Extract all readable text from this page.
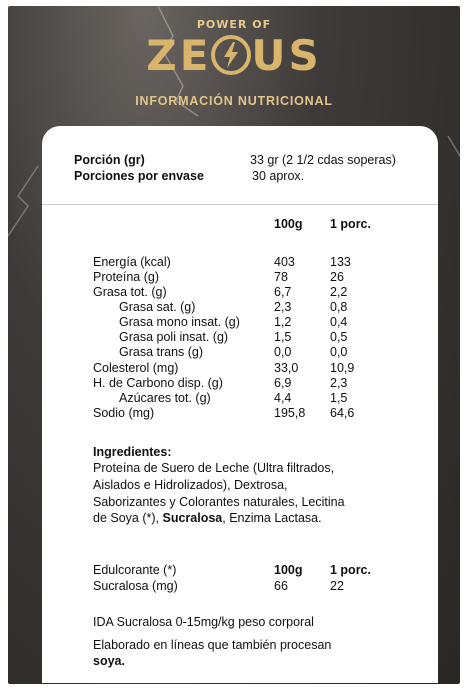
POWER OF
ZE US
INFORMACIÓN NUTRICIONAL
Porción (gr)	33 gr (2 1/2 cdas soperas)
Porciones por envase	30 aprox.
100g 1 porc.
Energía (kcal)	403	133
Proteína (g)	78	26
Grasa tot. (g)	6,7	2,2
Grasa sat. (g)	2,3	0,8
Grasa mono insat. (g)	1,2	0,4
Grasa poli insat. (g)	1,5	0,5
Grasa trans (g)	0,0	0,0
Colesterol (mg)	33,0	10,9
H. de Carbono disp. (g)	6,9	2,3
Azúcares tot. (g)	4,4	1,5
Sodio (mg)	195,8 64,6
Ingredientes:
Proteína de Suero de Leche (Ultra filtrados,
Aislados e Hidrolizados), Dextrosa,
Saborizantes y Colorantes naturales, Lecitina
de Soya (*), Sucralosa, Enzima Lactasa.
Edulcorante (*)	100g 1 porc.
Sucralosa (mg)	66	22
IDA Sucralosa 0-15mg/kg peso corporal
Elaborado en líneas que también procesan
soya.
